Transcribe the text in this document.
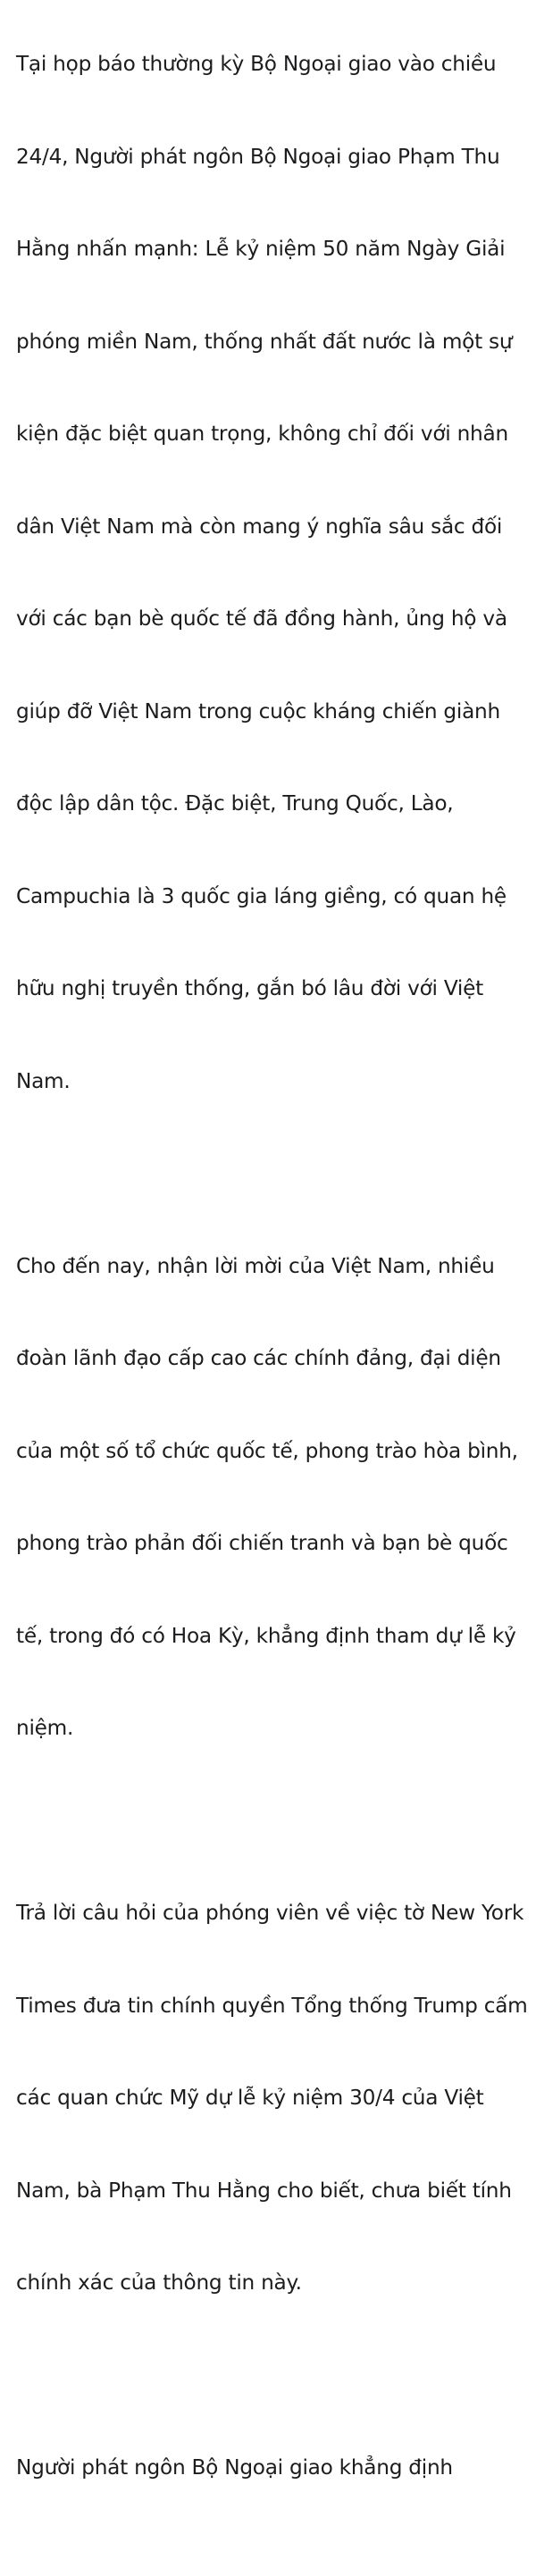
Tại họp báo thường kỳ Bộ Ngoại giao vào chiều

24/4, Người phát ngôn Bộ Ngoại giao Phạm Thu

Hằng nhấn mạnh: Lễ kỷ niệm 50 năm Ngày Giải

phóng miền Nam, thống nhất đất nước là một sự

kiện đặc biệt quan trọng, không chỉ đối với nhân

dân Việt Nam mà còn mang ý nghĩa sâu sắc đối

với các bạn bè quốc tế đã đồng hành, ủng hộ và

giúp đỡ Việt Nam trong cuộc kháng chiến giành

độc lập dân tộc. Đặc biệt, Trung Quốc, Lào,

Campuchia là 3 quốc gia láng giềng, có quan hệ

hữu nghị truyền thống, gắn bó lâu đời với Việt

Nam.

Cho đến nay, nhận lời mời của Việt Nam, nhiều

đoàn lãnh đạo cấp cao các chính đảng, đại diện

của một số tổ chức quốc tế, phong trào hòa bình,

phong trào phản đối chiến tranh và bạn bè quốc

tế, trong đó có Hoa Kỳ, khẳng định tham dự lễ kỷ

niệm.

Trả lời câu hỏi của phóng viên về việc tờ New York

Times đưa tin chính quyền Tổng thống Trump cấm

các quan chức Mỹ dự lễ kỷ niệm 30/4 của Việt

Nam, bà Phạm Thu Hằng cho biết, chưa biết tính

chính xác của thông tin này.

Người phát ngôn Bộ Ngoại giao khẳng định
